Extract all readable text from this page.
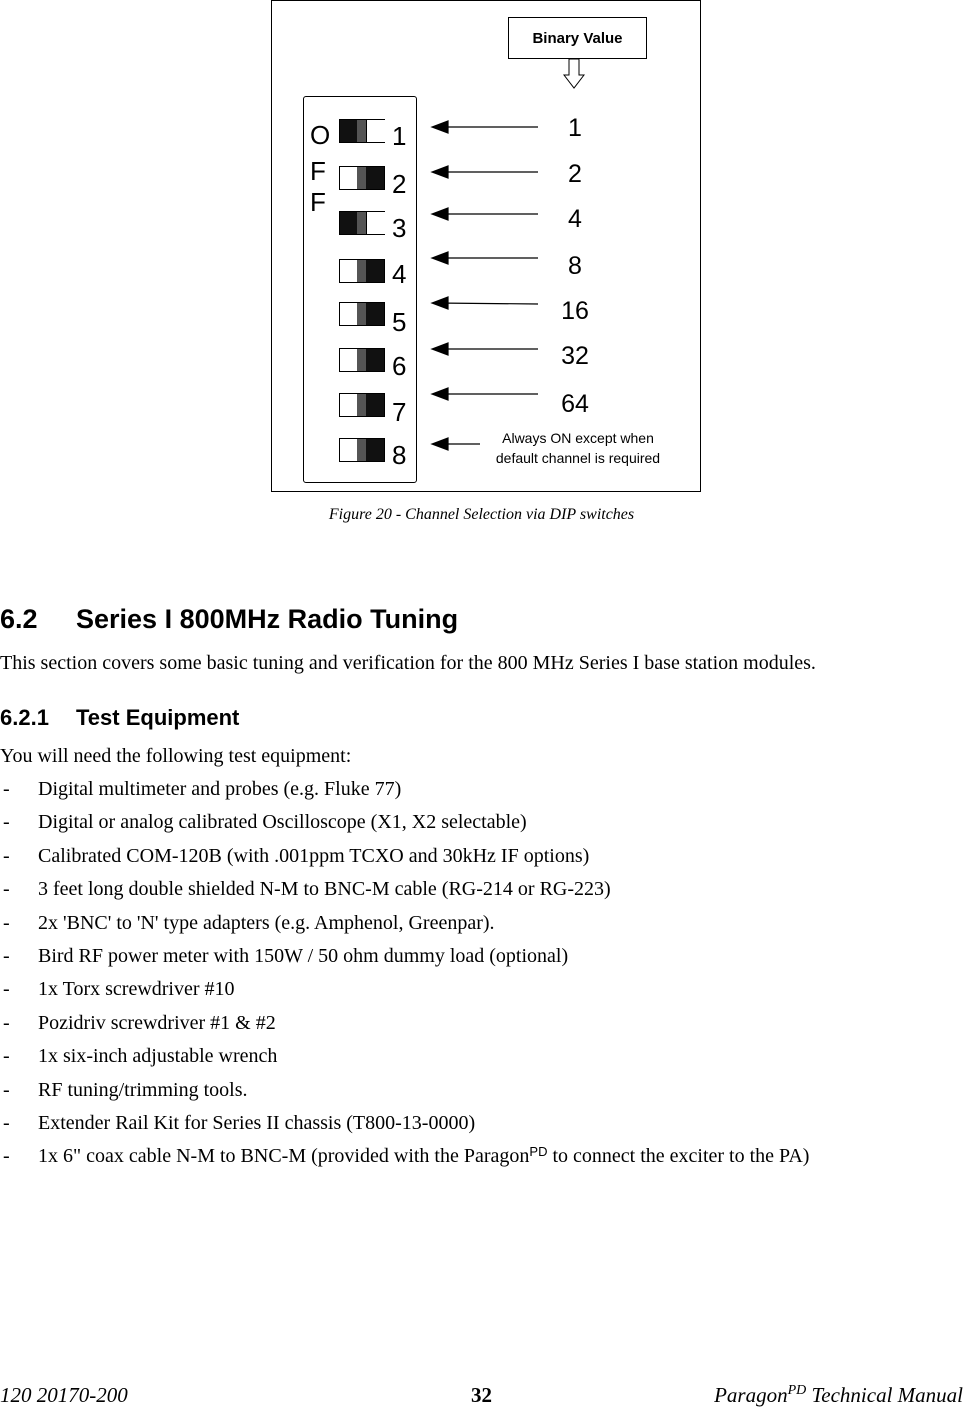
Binary Value
O
F
F
1
2
3
4
5
6
7
8
1
2
4
8
16
32
64
Always ON except when
default channel is required
Figure 20 - Channel Selection via DIP switches
6.2 Series I 800MHz Radio Tuning
This section covers some basic tuning and verification for the 800 MHz Series I base station modules.
6.2.1 Test Equipment
You will need the following test equipment:
- Digital multimeter and probes (e.g. Fluke 77)
- Digital or analog calibrated Oscilloscope (X1, X2 selectable)
- Calibrated COM-120B (with .001ppm TCXO and 30kHz IF options)
- 3 feet long double shielded N-M to BNC-M cable (RG-214 or RG-223)
- 2x 'BNC' to 'N' type adapters (e.g. Amphenol, Greenpar).
- Bird RF power meter with 150W / 50 ohm dummy load (optional)
- 1x Torx screwdriver #10
- Pozidriv screwdriver #1 & #2
- 1x six-inch adjustable wrench
- RF tuning/trimming tools.
- Extender Rail Kit for Series II chassis (T800-13-0000)
- 1x 6" coax cable N-M to BNC-M (provided with the Paragon$^{PD}$ to connect the exciter to the PA)
120 20170-200	32	Paragon$^{PD}$ Technical Manual
